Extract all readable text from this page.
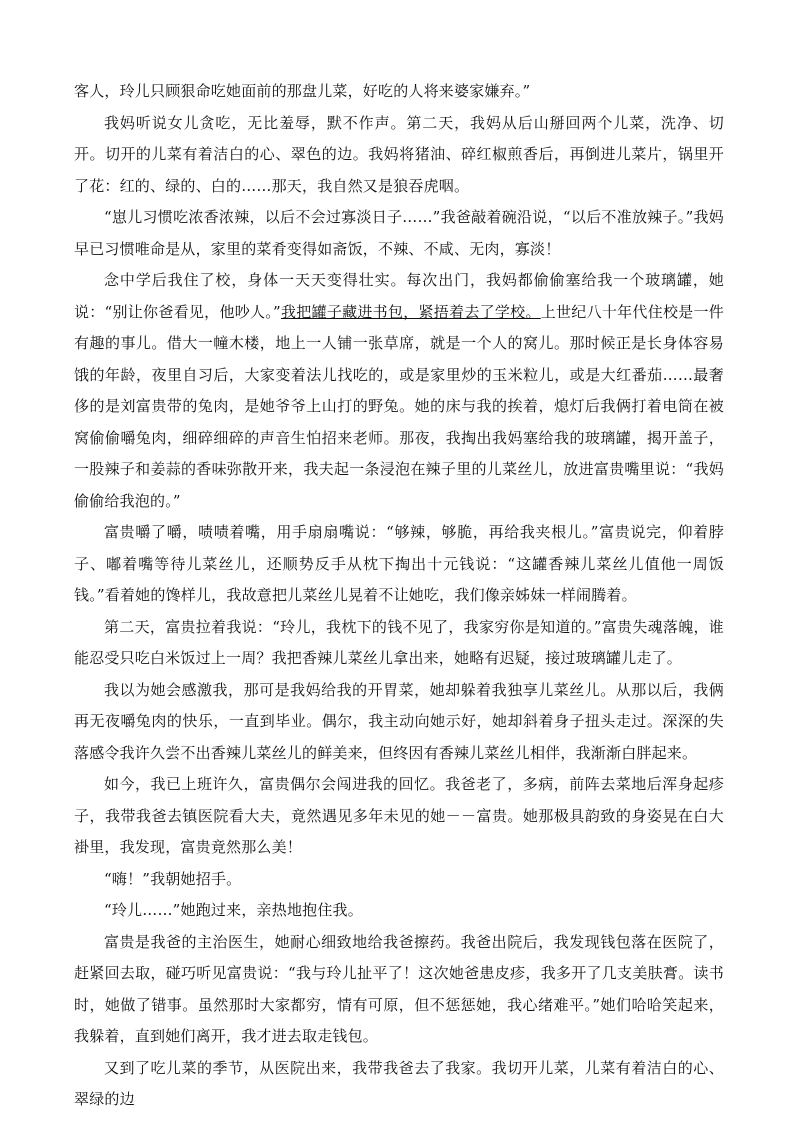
客人，玲儿只顾狠命吃她面前的那盘儿菜，好吃的人将来婆家嫌弃。”

我妈听说女儿贪吃，无比羞辱，默不作声。第二天，我妈从后山掰回两个儿菜，洗净、切开。切开的儿菜有着洁白的心、翠色的边。我妈将猪油、碎红椒煎香后，再倒进儿菜片，锅里开了花：红的、绿的、白的……那天，我自然又是狼吞虎咽。

“崽儿习惯吃浓香浓辣，以后不会过寡淡日子……”我爸敲着碗沿说，“以后不准放辣子。”我妈早已习惯唯命是从，家里的菜肴变得如斋饭，不辣、不咸、无肉，寡淡！

念中学后我住了校，身体一天天变得壮实。每次出门，我妈都偷偷塞给我一个玻璃罐，她说：“别让你爸看见，他吵人。”我把罐子藏进书包，紧捂着去了学校。上世纪八十年代住校是一件有趣的事儿。借大一幢木楼，地上一人铺一张草席，就是一个人的窝儿。那时候正是长身体容易饿的年龄，夜里自习后，大家变着法儿找吃的，或是家里炒的玉米粒儿，或是大红番茄……最奢侈的是刘富贵带的兔肉，是她爷爷上山打的野兔。她的床与我的挨着，熄灯后我俩打着电筒在被窝偷偷嚼兔肉，细碎细碎的声音生怕招来老师。那夜，我掏出我妈塞给我的玻璃罐，揭开盖子，一股辣子和姜蒜的香味弥散开来，我夫起一条浸泡在辣子里的儿菜丝儿，放进富贵嘴里说：“我妈偷偷给我泡的。”

富贵嚼了嚼，啧啧着嘴，用手扇扇嘴说：“够辣，够脆，再给我夹根儿。”富贵说完，仰着脖子、嘟着嘴等待儿菜丝儿，还顺势反手从枕下掏出十元钱说：“这罐香辣儿菜丝儿值他一周饭钱。”看着她的馋样儿，我故意把儿菜丝儿晃着不让她吃，我们像亲姊妹一样闹腾着。

第二天，富贵拉着我说：“玲儿，我枕下的钱不见了，我家穷你是知道的。”富贵失魂落魄，谁能忍受只吃白米饭过上一周？我把香辣儿菜丝儿拿出来，她略有迟疑，接过玻璃罐儿走了。

我以为她会感激我，那可是我妈给我的开胃菜，她却躲着我独享儿菜丝儿。从那以后，我俩再无夜嚼兔肉的快乐，一直到毕业。偶尔，我主动向她示好，她却斜着身子扭头走过。深深的失落感令我许久尝不出香辣儿菜丝儿的鲜美来，但终因有香辣儿菜丝儿相伴，我渐渐白胖起来。

如今，我已上班许久，富贵偶尔会闯进我的回忆。我爸老了，多病，前阵去菜地后浑身起疹子，我带我爸去镇医院看大夫，竟然遇见多年未见的她－－富贵。她那极具韵致的身姿晃在白大褂里，我发现，富贵竟然那么美！

“嗨！”我朝她招手。

“玲儿……”她跑过来，亲热地抱住我。

富贵是我爸的主治医生，她耐心细致地给我爸擦药。我爸出院后，我发现钱包落在医院了，赶紧回去取，碰巧听见富贵说：“我与玲儿扯平了！这次她爸患皮疹，我多开了几支美肤膏。读书时，她做了错事。虽然那时大家都穷，情有可原，但不惩惩她，我心绪难平。”她们哈哈笑起来，我躲着，直到她们离开，我才进去取走钱包。

又到了吃儿菜的季节，从医院出来，我带我爸去了我家。我切开儿菜，儿菜有着洁白的心、翠绿的边
